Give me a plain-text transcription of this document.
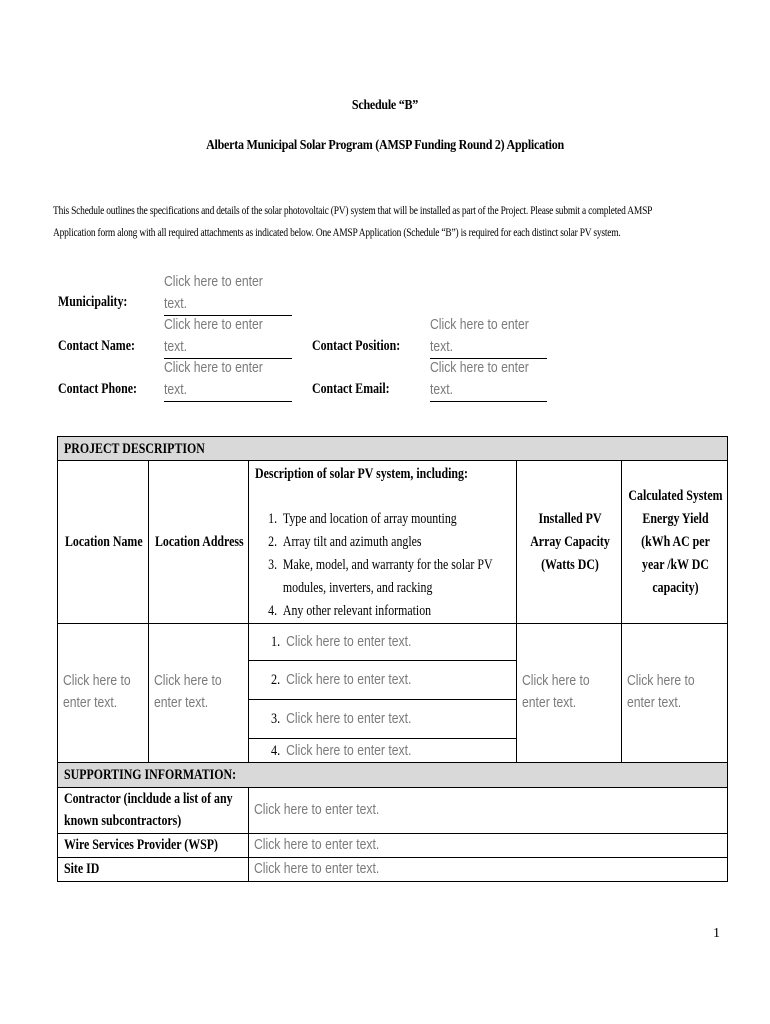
Schedule “B”
Alberta Municipal Solar Program (AMSP Funding Round 2) Application
This Schedule outlines the specifications and details of the solar photovoltaic (PV) system that will be installed as part of the Project. Please submit a completed AMSP
Application form along with all required attachments as indicated below. One AMSP Application (Schedule “B”) is required for each distinct solar PV system.
Municipality:
Click here to enter
text.
Contact Name:
Click here to enter
text.
Contact Phone:
Click here to enter
text.
Contact Position:
Click here to enter
text.
Contact Email:
Click here to enter
text.
PROJECT DESCRIPTION
Location Name Location Address
Description of solar PV system, including:
1. Type and location of array mounting
2. Array tilt and azimuth angles
3. Make, model, and warranty for the solar PV
modules, inverters, and racking
4. Any other relevant information
Installed PV
Array Capacity
(Watts DC)
Calculated System
Energy Yield
(kWh AC per
year /kW DC
capacity)
Click here to
enter text.
Click here to
enter text.
1. Click here to enter text.
2. Click here to enter text.
3. Click here to enter text.
4. Click here to enter text.
Click here to
enter text.
Click here to
enter text.
SUPPORTING INFORMATION:
Contractor (incldude a list of any
known subcontractors)
Click here to enter text.
Wire Services Provider (WSP) Click here to enter text.
Site ID	Click here to enter text.
1
